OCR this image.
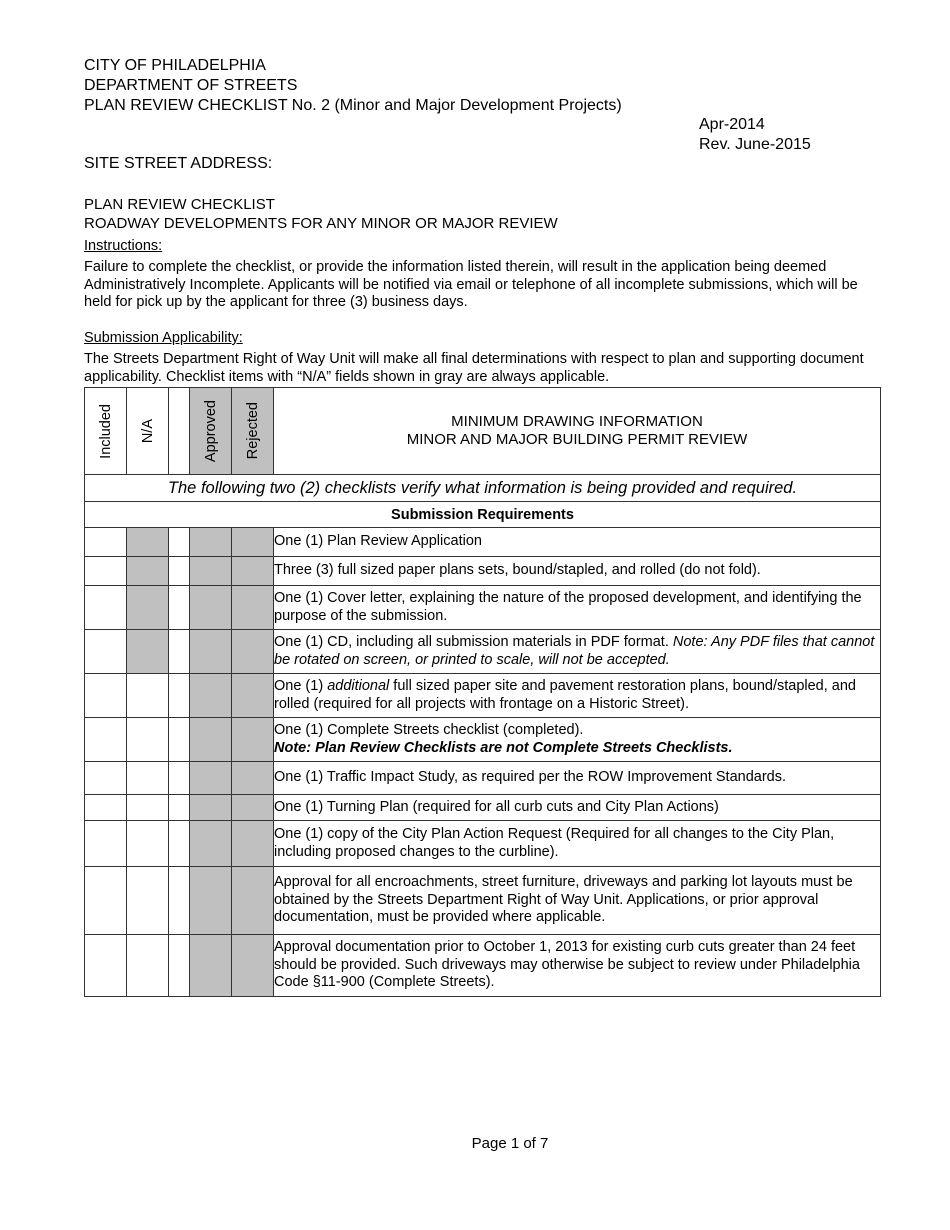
CITY OF PHILADELPHIA
DEPARTMENT OF STREETS
PLAN REVIEW CHECKLIST No. 2 (Minor and Major Development Projects)
Apr-2014
Rev. June-2015
SITE STREET ADDRESS:
PLAN REVIEW CHECKLIST
ROADWAY DEVELOPMENTS FOR ANY MINOR OR MAJOR REVIEW
Instructions:
Failure to complete the checklist, or provide the information listed therein, will result in the application being deemed Administratively Incomplete. Applicants will be notified via email or telephone of all incomplete submissions, which will be held for pick up by the applicant for three (3) business days.
Submission Applicability:
The Streets Department Right of Way Unit will make all final determinations with respect to plan and supporting document applicability. Checklist items with “N/A” fields shown in gray are always applicable.
Included	N/A		Approved	Rejected	MINIMUM DRAWING INFORMATION
MINOR AND MAJOR BUILDING PERMIT REVIEW

The following two (2) checklists verify what information is being provided and required.					
Submission Requirements					
					One (1) Plan Review Application
					Three (3) full sized paper plans sets, bound/stapled, and rolled (do not fold).
					One (1) Cover letter, explaining the nature of the proposed development, and identifying the purpose of the submission.
					One (1) CD, including all submission materials in PDF format. Note: Any PDF files that cannot be rotated on screen, or printed to scale, will not be accepted.
					One (1) additional full sized paper site and pavement restoration plans, bound/stapled, and rolled (required for all projects with frontage on a Historic Street).

					One (1) Complete Streets checklist (completed).
Note: Plan Review Checklists are not Complete Streets Checklists.

					One (1) Traffic Impact Study, as required per the ROW Improvement Standards.
					One (1) Turning Plan (required for all curb cuts and City Plan Actions)
					One (1) copy of the City Plan Action Request (Required for all changes to the City Plan, including proposed changes to the curbline).
					Approval for all encroachments, street furniture, driveways and parking lot layouts must be obtained by the Streets Department Right of Way Unit. Applications, or prior approval documentation, must be provided where applicable.
					Approval documentation prior to October 1, 2013 for existing curb cuts greater than 24 feet should be provided. Such driveways may otherwise be subject to review under Philadelphia Code §11-900 (Complete Streets).
Page 1 of 7
